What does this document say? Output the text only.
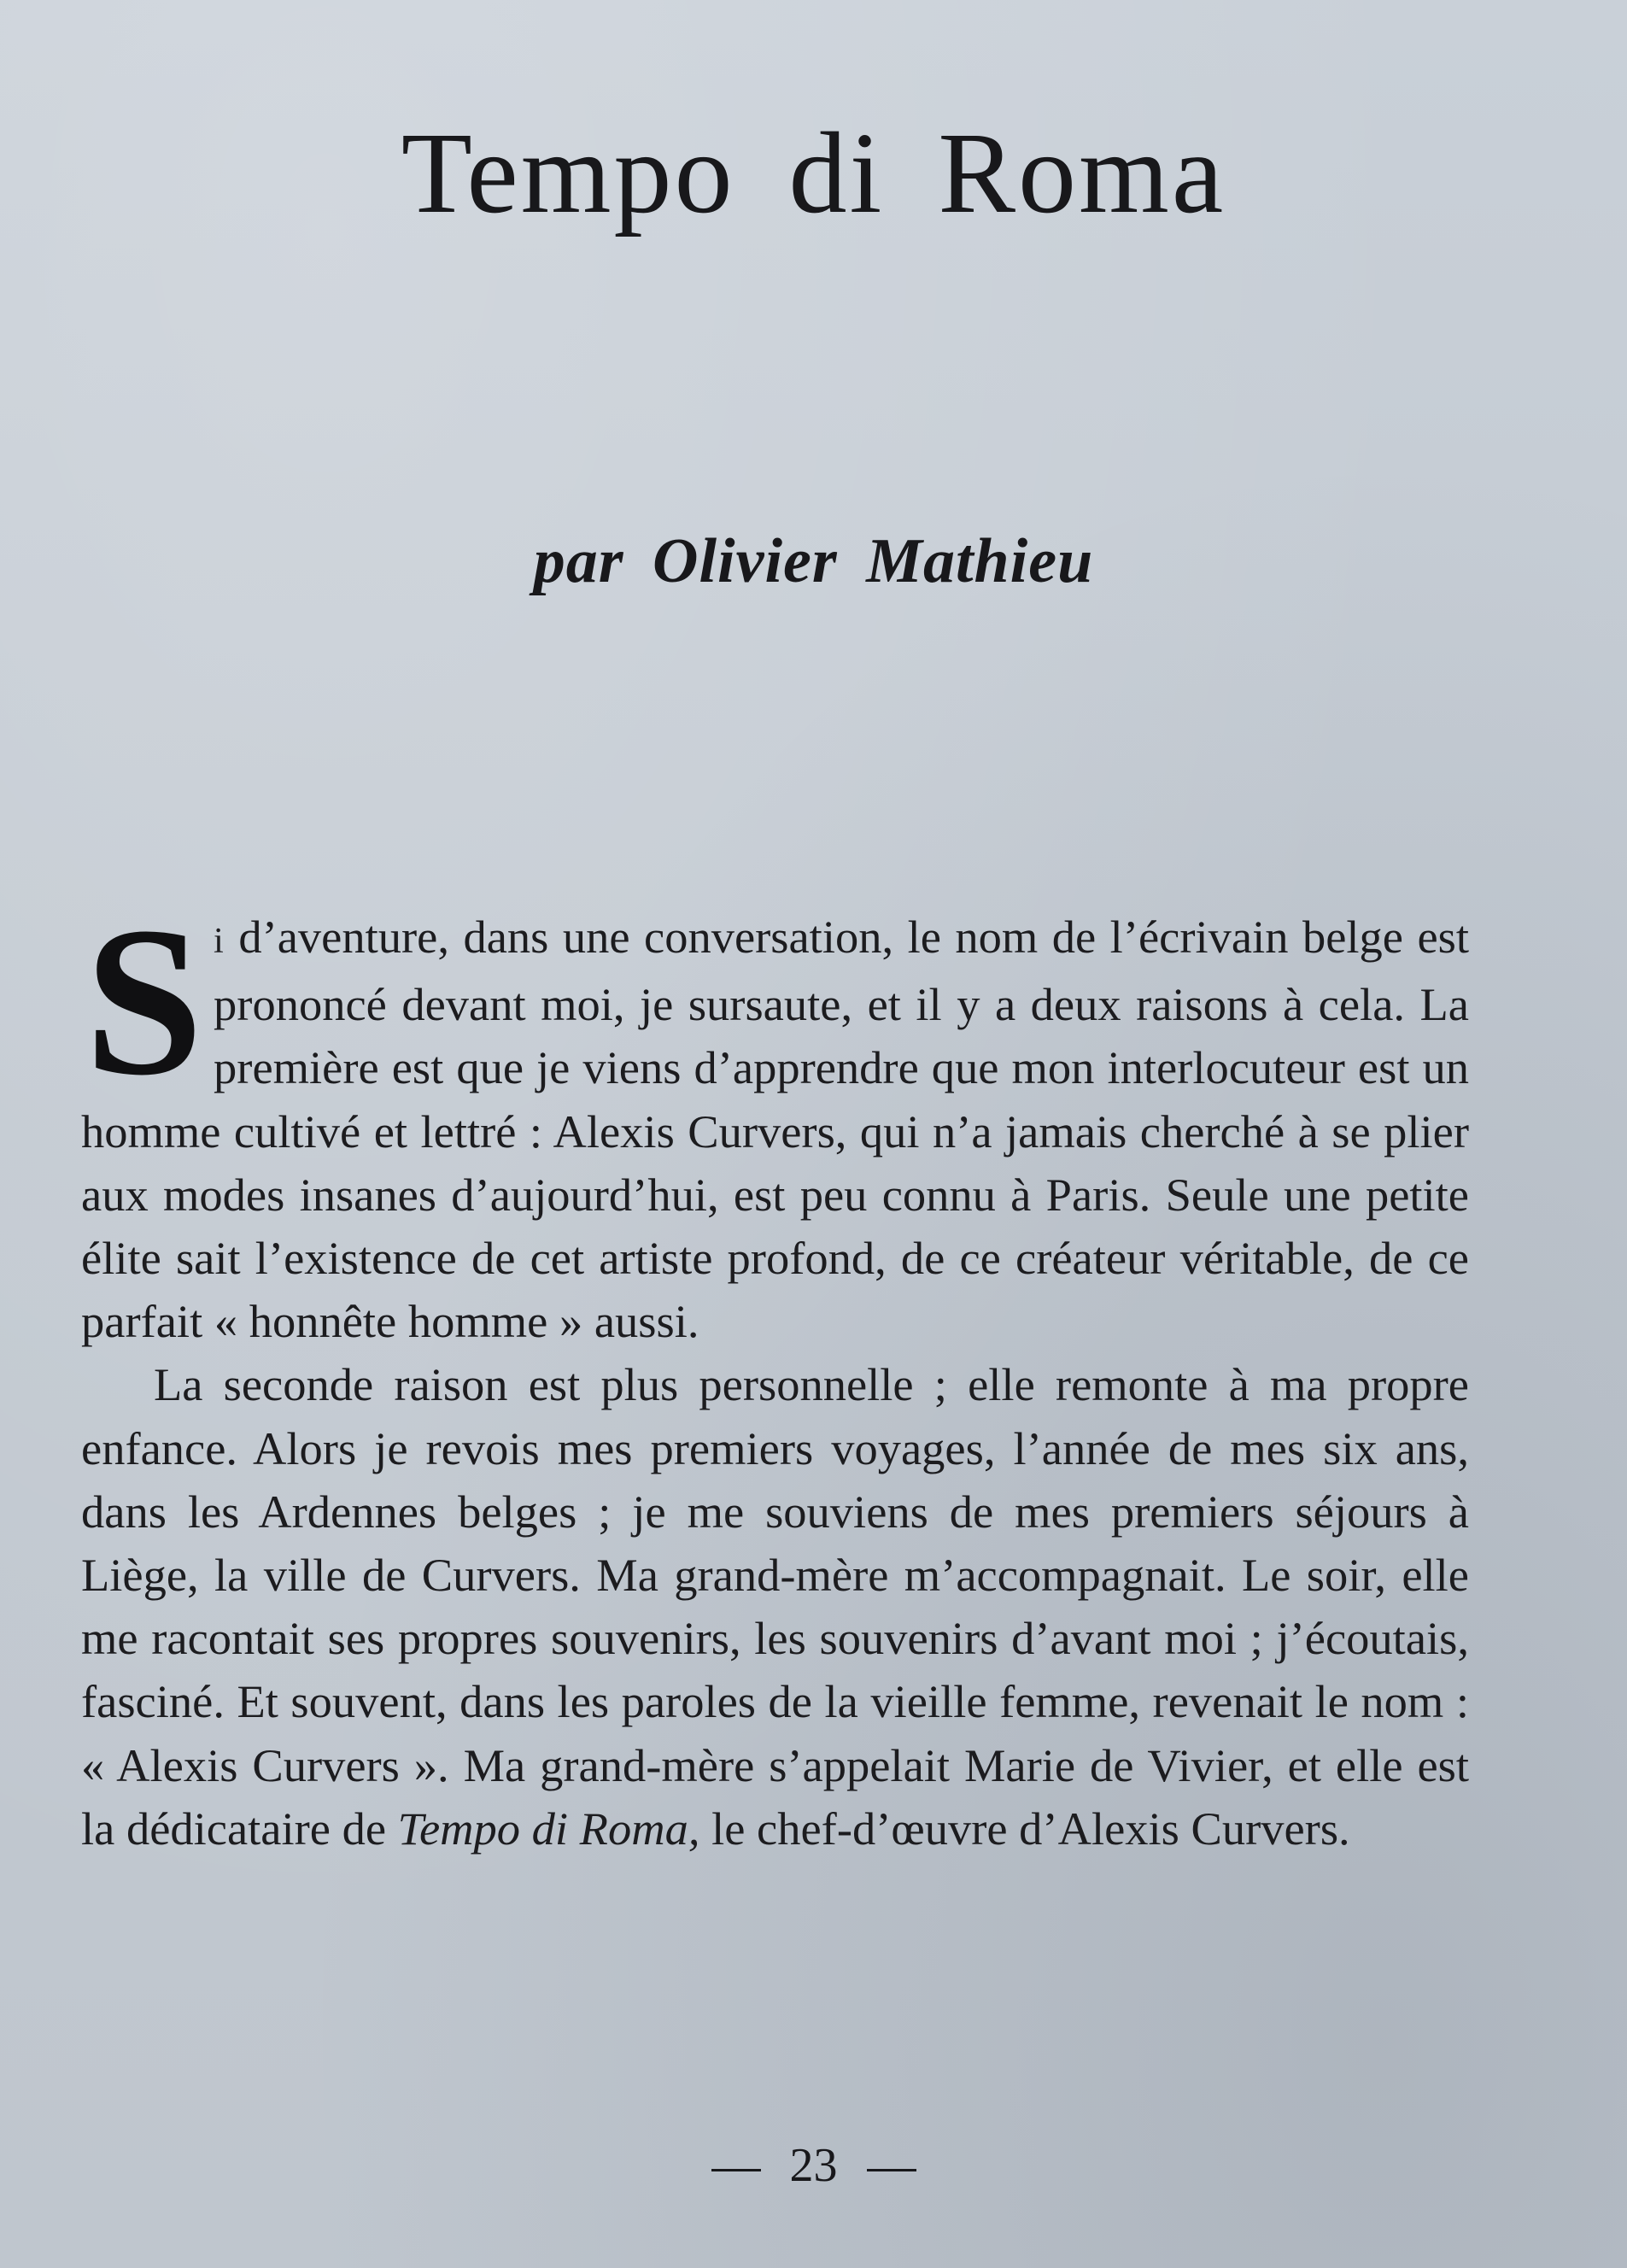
Tempo di Roma
par Olivier Mathieu

Si d’aventure, dans une conversation, le nom de l’écrivain belge est prononcé devant moi, je sursaute, et il y a deux raisons à cela. La première est que je viens d’apprendre que mon interlocuteur est un homme cultivé et lettré : Alexis Curvers, qui n’a jamais cherché à se plier aux modes insanes d’aujourd’hui, est peu connu à Paris. Seule une petite élite sait l’existence de cet artiste profond, de ce créateur véritable, de ce parfait « honnête homme » aussi.

La seconde raison est plus personnelle ; elle remonte à ma propre enfance. Alors je revois mes premiers voyages, l’année de mes six ans, dans les Ardennes belges ; je me souviens de mes premiers séjours à Liège, la ville de Curvers. Ma grand-mère m’accompagnait. Le soir, elle me racontait ses propres souvenirs, les souvenirs d’avant moi ; j’écoutais, fasciné. Et souvent, dans les paroles de la vieille femme, revenait le nom : « Alexis Curvers ». Ma grand-mère s’appelait Marie de Vivier, et elle est la dédicataire de Tempo di Roma, le chef-d’œuvre d’Alexis Curvers.

23
